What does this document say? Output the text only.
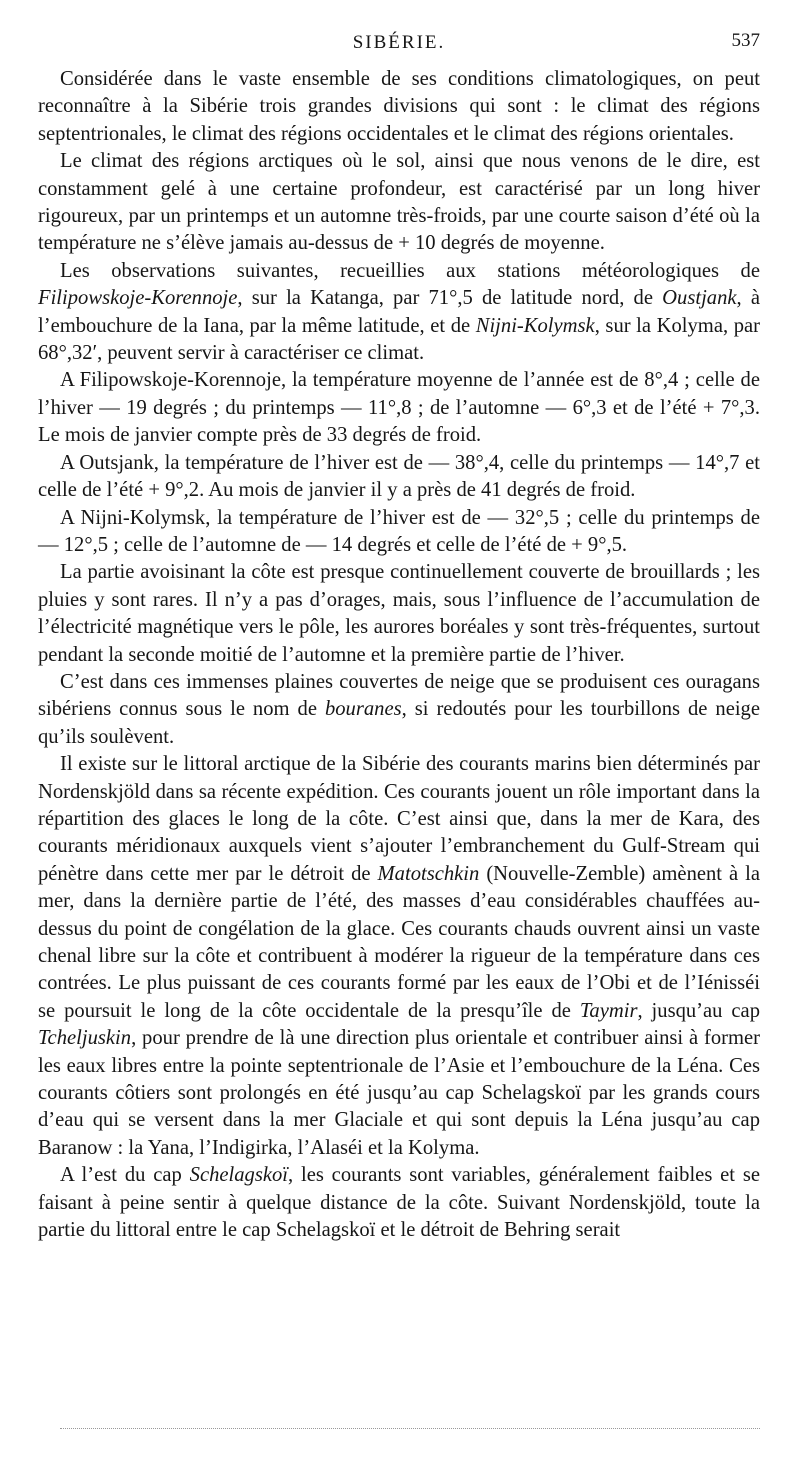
SIBÉRIE.	537

Considérée dans le vaste ensemble de ses conditions climatologiques, on peut reconnaître à la Sibérie trois grandes divisions qui sont : le climat des régions septentrionales, le climat des régions occidentales et le climat des régions orientales.

Le climat des régions arctiques où le sol, ainsi que nous venons de le dire, est constamment gelé à une certaine profondeur, est caractérisé par un long hiver rigoureux, par un printemps et un automne très-froids, par une courte saison d’été où la température ne s’élève jamais au-dessus de + 10 degrés de moyenne.

Les observations suivantes, recueillies aux stations météorologiques de Filipowskoje-Korennoje, sur la Katanga, par 71°,5 de latitude nord, de Oustjank, à l’embouchure de la Iana, par la même latitude, et de Nijni-Kolymsk, sur la Kolyma, par 68°,32′, peuvent servir à caractériser ce climat.

A Filipowskoje-Korennoje, la température moyenne de l’année est de 8°,4 ; celle de l’hiver — 19 degrés ; du printemps — 11°,8 ; de l’automne — 6°,3 et de l’été + 7°,3. Le mois de janvier compte près de 33 degrés de froid.

A Outsjank, la température de l’hiver est de — 38°,4, celle du printemps — 14°,7 et celle de l’été + 9°,2. Au mois de janvier il y a près de 41 degrés de froid.

A Nijni-Kolymsk, la température de l’hiver est de — 32°,5 ; celle du printemps de — 12°,5 ; celle de l’automne de — 14 degrés et celle de l’été de + 9°,5.

La partie avoisinant la côte est presque continuellement couverte de brouillards ; les pluies y sont rares. Il n’y a pas d’orages, mais, sous l’influence de l’accumulation de l’électricité magnétique vers le pôle, les aurores boréales y sont très-fréquentes, surtout pendant la seconde moitié de l’automne et la première partie de l’hiver.

C’est dans ces immenses plaines couvertes de neige que se produisent ces ouragans sibériens connus sous le nom de bouranes, si redoutés pour les tourbillons de neige qu’ils soulèvent.

Il existe sur le littoral arctique de la Sibérie des courants marins bien déterminés par Nordenskjöld dans sa récente expédition. Ces courants jouent un rôle important dans la répartition des glaces le long de la côte. C’est ainsi que, dans la mer de Kara, des courants méridionaux auxquels vient s’ajouter l’embranchement du Gulf-Stream qui pénètre dans cette mer par le détroit de Matotschkin (Nouvelle-Zemble) amènent à la mer, dans la dernière partie de l’été, des masses d’eau considérables chauffées au-dessus du point de congélation de la glace. Ces courants chauds ouvrent ainsi un vaste chenal libre sur la côte et contribuent à modérer la rigueur de la température dans ces contrées. Le plus puissant de ces courants formé par les eaux de l’Obi et de l’Iénisséi se poursuit le long de la côte occidentale de la presqu’île de Taymir, jusqu’au cap Tcheljuskin, pour prendre de là une direction plus orientale et contribuer ainsi à former les eaux libres entre la pointe septentrionale de l’Asie et l’embouchure de la Léna. Ces courants côtiers sont prolongés en été jusqu’au cap Schelagskoï par les grands cours d’eau qui se versent dans la mer Glaciale et qui sont depuis la Léna jusqu’au cap Baranow : la Yana, l’Indigirka, l’Alaséi et la Kolyma.

A l’est du cap Schelagskoï, les courants sont variables, généralement faibles et se faisant à peine sentir à quelque distance de la côte. Suivant Nordenskjöld, toute la partie du littoral entre le cap Schelagskoï et le détroit de Behring serait
